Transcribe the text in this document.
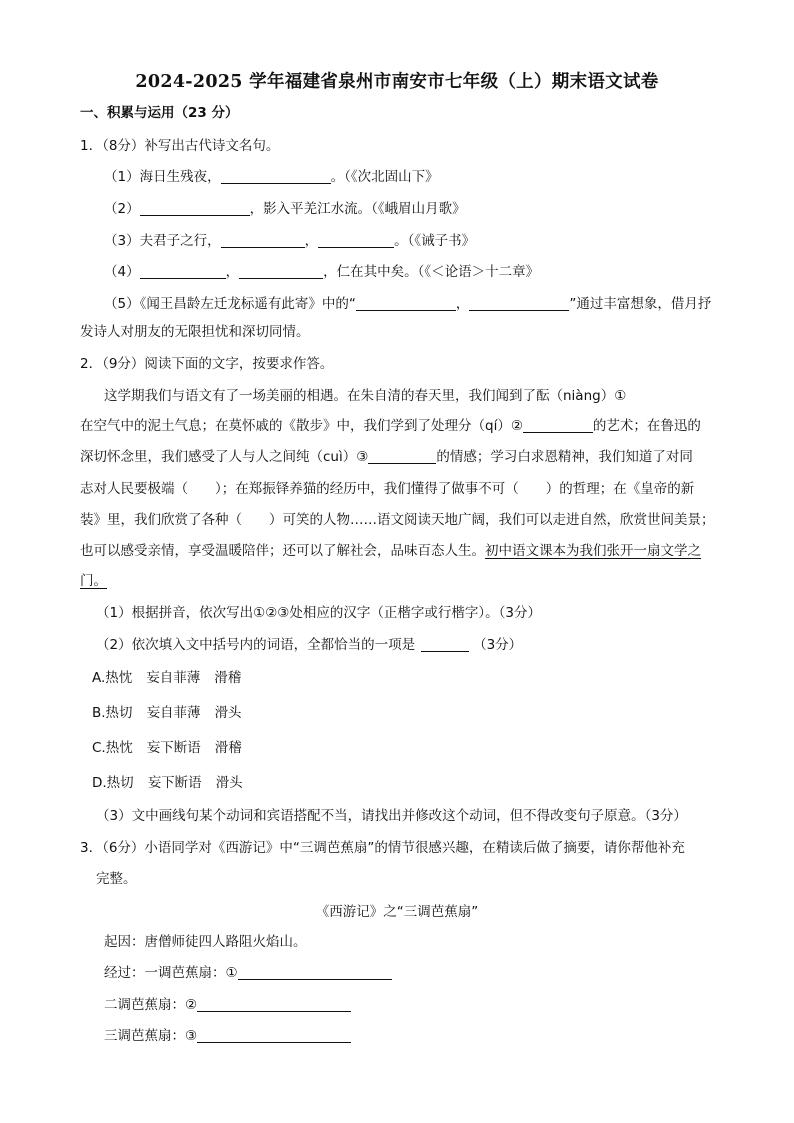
2024-2025 学年福建省泉州市南安市七年级（上）期末语文试卷
一、积累与运用（23 分）
1．（8分）补写出古代诗文名句。
（1）海日生残夜，	。（《次北固山下》
（2）	，影入平羌江水流。（《峨眉山月歌》
（3）夫君子之行，	，	。（《诫子书》
（4）	，	，仁在其中矣。（《＜论语＞十二章》
（5）《闻王昌龄左迁龙标遥有此寄》中的“	，	”通过丰富想象，借月抒
发诗人对朋友的无限担忧和深切同情。
2．（9分）阅读下面的文字，按要求作答。
这学期我们与语文有了一场美丽的相遇。在朱自清的春天里，我们闻到了酝（niàng）①
在空气中的泥土气息；在莫怀戚的《散步》中，我们学到了处理分（qí）②	的艺术；在鲁迅的
深切怀念里，我们感受了人与人之间纯（cuì）③	的情感；学习白求恩精神，我们知道了对同
志对人民要极端（　　）；在郑振铎养猫的经历中，我们懂得了做事不可（　　）的哲理；在《皇帝的新
装》里，我们欣赏了各种（　　）可笑的人物……语文阅读天地广阔，我们可以走进自然，欣赏世间美景；
也可以感受亲情，享受温暖陪伴；还可以了解社会，品味百态人生。初中语文课本为我们张开一扇文学之
门。
（1）根据拼音，依次写出①②③处相应的汉字（正楷字或行楷字）。（3分）
（2）依次填入文中括号内的词语，全都恰当的一项是	（3分）
A.热忱 妄自菲薄 滑稽
B.热切 妄自菲薄 滑头
C.热忱 妄下断语 滑稽
D.热切 妄下断语 滑头
（3）文中画线句某个动词和宾语搭配不当，请找出并修改这个动词，但不得改变句子原意。（3分）
3．（6分）小语同学对《西游记》中“三调芭蕉扇”的情节很感兴趣，在精读后做了摘要，请你帮他补充
完整。
《西游记》之“三调芭蕉扇”
起因：唐僧师徒四人路阻火焰山。
经过：一调芭蕉扇：①
二调芭蕉扇：②
三调芭蕉扇：③
